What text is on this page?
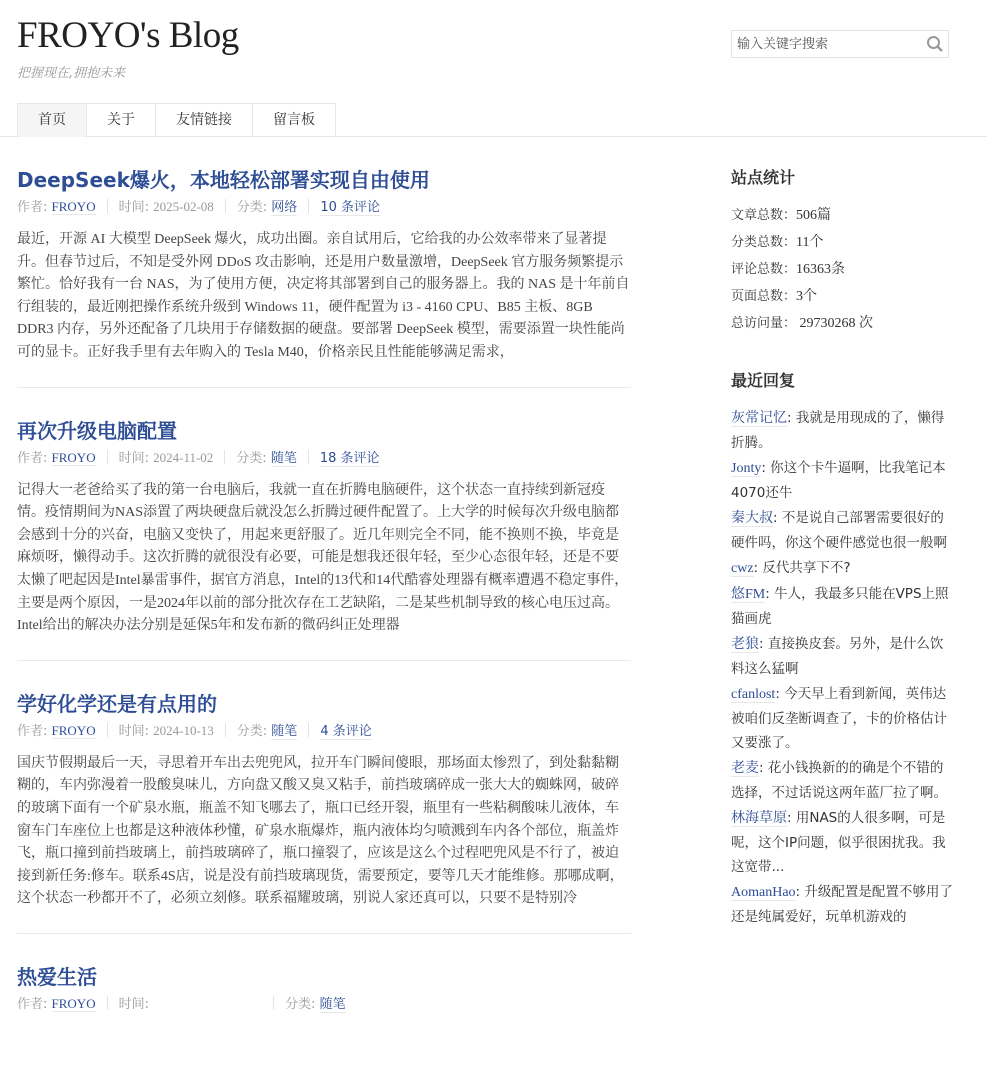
FROYO's Blog
把握现在,拥抱未来
输入关键字搜索
首页	关于	友情链接	留言板
DeepSeek爆火，本地轻松部署实现自由使用
作者: FROYO 时间: 2025-02-08 分类: 网络 10 条评论

最近，开源 AI 大模型 DeepSeek 爆火，成功出圈。亲自试用后，它给我的办公效率带来了显著提升。但春节过后，不知是受外网 DDoS 攻击影响，还是用户数量激增，DeepSeek 官方服务频繁提示繁忙。恰好我有一台 NAS，为了使用方便，决定将其部署到自己的服务器上。我的 NAS 是十年前自行组装的，最近刚把操作系统升级到 Windows 11，硬件配置为 i3 - 4160 CPU、B85 主板、8GB DDR3 内存，另外还配备了几块用于存储数据的硬盘。要部署 DeepSeek 模型，需要添置一块性能尚可的显卡。正好我手里有去年购入的 Tesla M40，价格亲民且性能能够满足需求，

再次升级电脑配置
作者: FROYO 时间: 2024-11-02 分类: 随笔 18 条评论

记得大一老爸给买了我的第一台电脑后，我就一直在折腾电脑硬件，这个状态一直持续到新冠疫情。疫情期间为NAS添置了两块硬盘后就没怎么折腾过硬件配置了。上大学的时候每次升级电脑都会感到十分的兴奋，电脑又变快了，用起来更舒服了。近几年则完全不同，能不换则不换，毕竟是麻烦呀，懒得动手。这次折腾的就很没有必要，可能是想我还很年轻，至少心态很年轻，还是不要太懒了吧起因是Intel暴雷事件，据官方消息，Intel的13代和14代酷睿处理器有概率遭遇不稳定事件，主要是两个原因，一是2024年以前的部分批次存在工艺缺陷，二是某些机制导致的核心电压过高。Intel给出的解决办法分别是延保5年和发布新的微码纠正处理器

学好化学还是有点用的
作者: FROYO 时间: 2024-10-13 分类: 随笔 4 条评论

国庆节假期最后一天，寻思着开车出去兜兜风，拉开车门瞬间傻眼，那场面太惨烈了，到处黏黏糊糊的，车内弥漫着一股酸臭味儿，方向盘又酸又臭又粘手，前挡玻璃碎成一张大大的蜘蛛网，破碎的玻璃下面有一个矿泉水瓶，瓶盖不知飞哪去了，瓶口已经开裂，瓶里有一些粘稠酸味儿液体，车窗车门车座位上也都是这种液体秒懂，矿泉水瓶爆炸，瓶内液体均匀喷溅到车内各个部位，瓶盖炸飞，瓶口撞到前挡玻璃上，前挡玻璃碎了，瓶口撞裂了，应该是这么个过程吧兜风是不行了，被迫接到新任务:修车。联系4S店，说是没有前挡玻璃现货，需要预定，要等几天才能维修。那哪成啊，这个状态一秒都开不了，必须立刻修。联系福耀玻璃，别说人家还真可以，只要不是特别冷

热爱生活
作者: FROYO 时间:	分类: 随笔
站点统计
文章总数：506篇
分类总数：11个
评论总数：16363条
页面总数：3个
总访问量： 29730268 次
最近回复
灰常记忆: 我就是用现成的了，懒得折腾。
Jonty: 你这个卡牛逼啊，比我笔记本4070还牛
秦大叔: 不是说自己部署需要很好的硬件吗，你这个硬件感觉也很一般啊
cwz: 反代共享下不?
悠FM: 牛人，我最多只能在VPS上照猫画虎
老狼: 直接换皮套。另外，是什么饮料这么猛啊
cfanlost: 今天早上看到新闻，英伟达被咱们反垄断调查了，卡的价格估计又要涨了。
老麦: 花小钱换新的的确是个不错的选择，不过话说这两年蓝厂拉了啊。
林海草原: 用NAS的人很多啊，可是呢，这个IP问题，似乎很困扰我。我这宽带...
AomanHao: 升级配置是配置不够用了还是纯属爱好，玩单机游戏的
